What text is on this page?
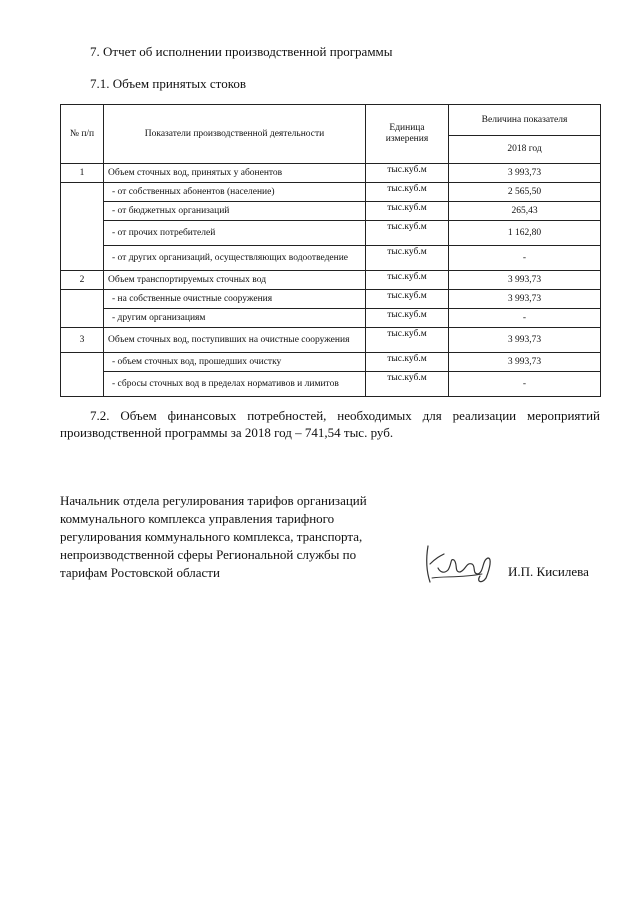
7. Отчет об исполнении производственной программы
7.1. Объем принятых стоков
№ п/п	Показатели производственной деятельности	Единица измерения	Величина показателя
			2018 год
1	Объем сточных вод, принятых у абонентов	тыс.куб.м	3 993,73
	- от собственных абонентов (население)	тыс.куб.м	2 565,50
	- от бюджетных организаций	тыс.куб.м	265,43
	- от прочих потребителей	тыс.куб.м	1 162,80
	- от других организаций, осуществляющих водоотведение	тыс.куб.м	-
2	Объем транспортируемых сточных вод	тыс.куб.м	3 993,73
	- на собственные очистные сооружения	тыс.куб.м	3 993,73
	- другим организациям	тыс.куб.м	-
3	Объем сточных вод, поступивших на очистные сооружения	тыс.куб.м	3 993,73
	- объем сточных вод, прошедших очистку	тыс.куб.м	3 993,73
	- сбросы сточных вод в пределах нормативов и лимитов	тыс.куб.м	-
7.2. Объем финансовых потребностей, необходимых для реализации мероприятий производственной программы за 2018 год – 741,54 тыс. руб.
Начальник отдела регулирования тарифов организаций коммунального комплекса управления тарифного регулирования коммунального комплекса, транспорта, непроизводственной сферы Региональной службы по тарифам Ростовской области	И.П. Кисилева
